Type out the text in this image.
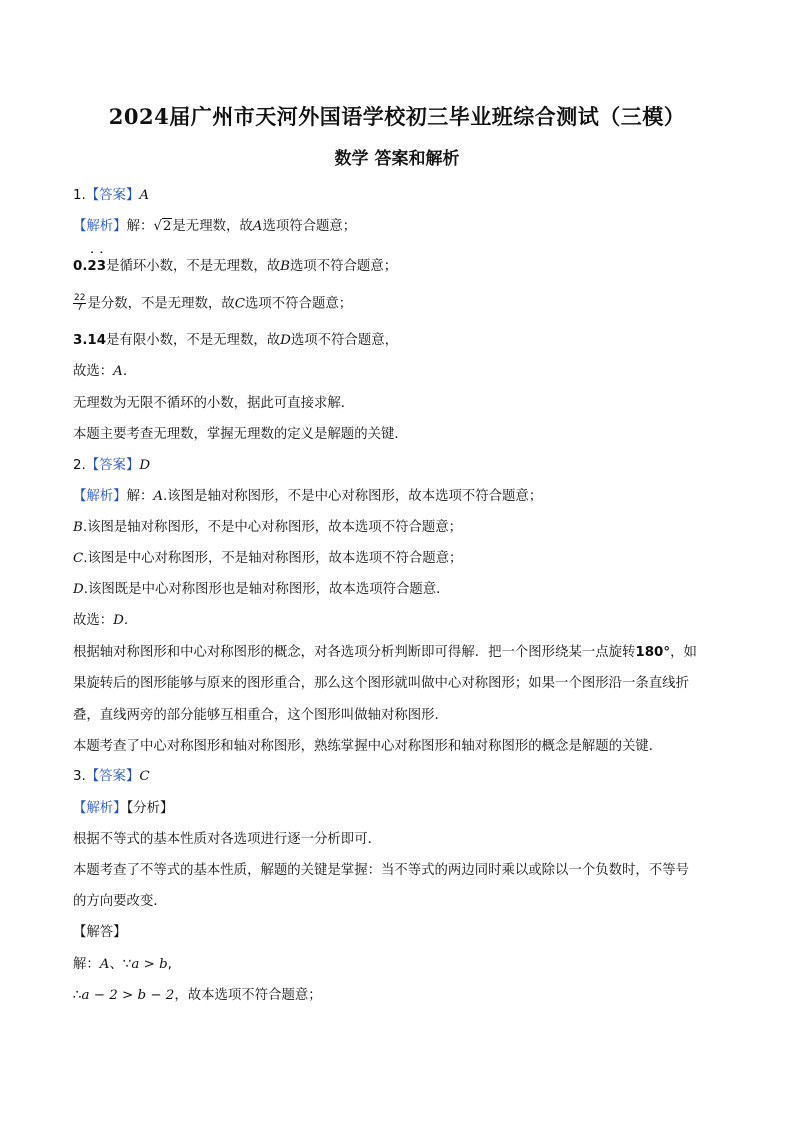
2024届广州市天河外国语学校初三毕业班综合测试（三模）
数学 答案和解析
1.【答案】A
【解析】解：√2是无理数，故A选项符合题意；
0.˙ 2˙ 3是循环小数，不是无理数，故B选项不符合题意；
$\frac{22}{7}$ 是分数，不是无理数，故C选项不符合题意；
3.14是有限小数，不是无理数，故D选项不符合题意，
故选：A.
无理数为无限不循环的小数，据此可直接求解．
本题主要考查无理数，掌握无理数的定义是解题的关键．
2.【答案】D
【解析】解：A.该图是轴对称图形，不是中心对称图形，故本选项不符合题意；
B.该图是轴对称图形，不是中心对称图形，故本选项不符合题意；
C.该图是中心对称图形，不是轴对称图形，故本选项不符合题意；
D.该图既是中心对称图形也是轴对称图形，故本选项符合题意．
故选：D.
根据轴对称图形和中心对称图形的概念，对各选项分析判断即可得解．把一个图形绕某一点旋转180°，如
果旋转后的图形能够与原来的图形重合，那么这个图形就叫做中心对称图形；如果一个图形沿一条直线折
叠，直线两旁的部分能够互相重合，这个图形叫做轴对称图形．
本题考查了中心对称图形和轴对称图形，熟练掌握中心对称图形和轴对称图形的概念是解题的关键．
3.【答案】C
【解析】【分析】
根据不等式的基本性质对各选项进行逐一分析即可．
本题考查了不等式的基本性质，解题的关键是掌握：当不等式的两边同时乘以或除以一个负数时，不等号
的方向要改变．
【解答】
解：A、∵a > b,
∴a − 2 > b − 2，故本选项不符合题意；
